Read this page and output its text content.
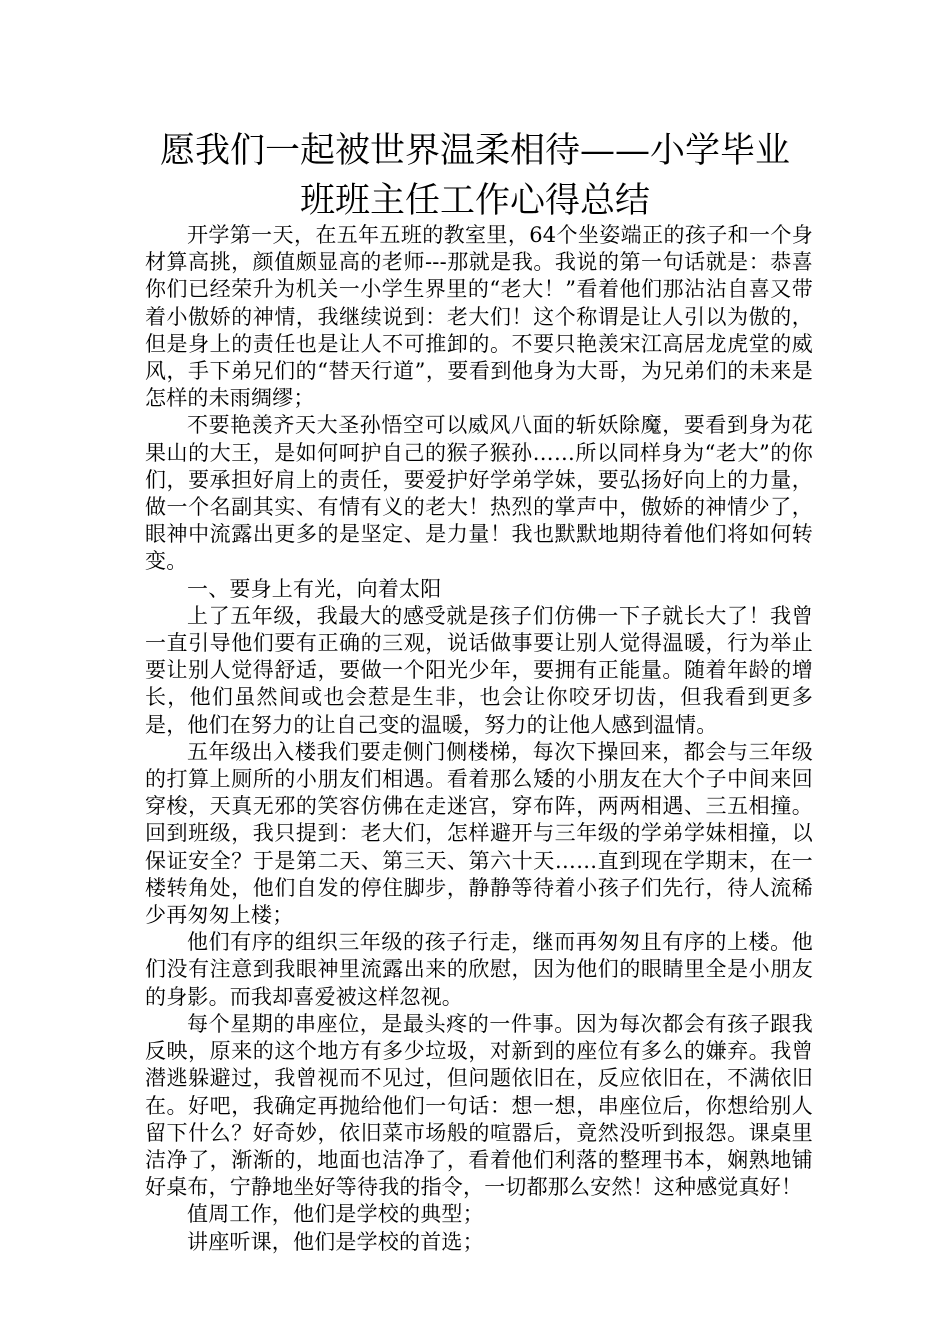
愿我们一起被世界温柔相待——小学毕业
班班主任工作心得总结

开学第一天，在五年五班的教室里，64个坐姿端正的孩子和一个身材算高挑，颜值颇显高的老师---那就是我。我说的第一句话就是：恭喜你们已经荣升为机关一小学生界里的“老大！”看着他们那沾沾自喜又带着小傲娇的神情，我继续说到：老大们！这个称谓是让人引以为傲的，但是身上的责任也是让人不可推卸的。不要只艳羡宋江高居龙虎堂的威风，手下弟兄们的“替天行道”，要看到他身为大哥，为兄弟们的未来是怎样的未雨绸缪；

不要艳羡齐天大圣孙悟空可以威风八面的斩妖除魔，要看到身为花果山的大王，是如何呵护自己的猴子猴孙……所以同样身为“老大”的你们，要承担好肩上的责任，要爱护好学弟学妹，要弘扬好向上的力量，做一个名副其实、有情有义的老大！热烈的掌声中，傲娇的神情少了，眼神中流露出更多的是坚定、是力量！我也默默地期待着他们将如何转变。

一、要身上有光，向着太阳

上了五年级，我最大的感受就是孩子们仿佛一下子就长大了！我曾一直引导他们要有正确的三观，说话做事要让别人觉得温暖，行为举止要让别人觉得舒适，要做一个阳光少年，要拥有正能量。随着年龄的增长，他们虽然间或也会惹是生非，也会让你咬牙切齿，但我看到更多是，他们在努力的让自己变的温暖，努力的让他人感到温情。

五年级出入楼我们要走侧门侧楼梯，每次下操回来，都会与三年级的打算上厕所的小朋友们相遇。看着那么矮的小朋友在大个子中间来回穿梭，天真无邪的笑容仿佛在走迷宫，穿布阵，两两相遇、三五相撞。回到班级，我只提到：老大们，怎样避开与三年级的学弟学妹相撞，以保证安全？于是第二天、第三天、第六十天……直到现在学期末，在一楼转角处，他们自发的停住脚步，静静等待着小孩子们先行，待人流稀少再匆匆上楼；

他们有序的组织三年级的孩子行走，继而再匆匆且有序的上楼。他们没有注意到我眼神里流露出来的欣慰，因为他们的眼睛里全是小朋友的身影。而我却喜爱被这样忽视。

每个星期的串座位，是最头疼的一件事。因为每次都会有孩子跟我反映，原来的这个地方有多少垃圾，对新到的座位有多么的嫌弃。我曾潜逃躲避过，我曾视而不见过，但问题依旧在，反应依旧在，不满依旧在。好吧，我确定再抛给他们一句话：想一想，串座位后，你想给别人留下什么？好奇妙，依旧菜市场般的喧嚣后，竟然没听到报怨。课桌里洁净了，渐渐的，地面也洁净了，看着他们利落的整理书本，娴熟地铺好桌布，宁静地坐好等待我的指令，一切都那么安然！这种感觉真好！

值周工作，他们是学校的典型；

讲座听课，他们是学校的首选；
